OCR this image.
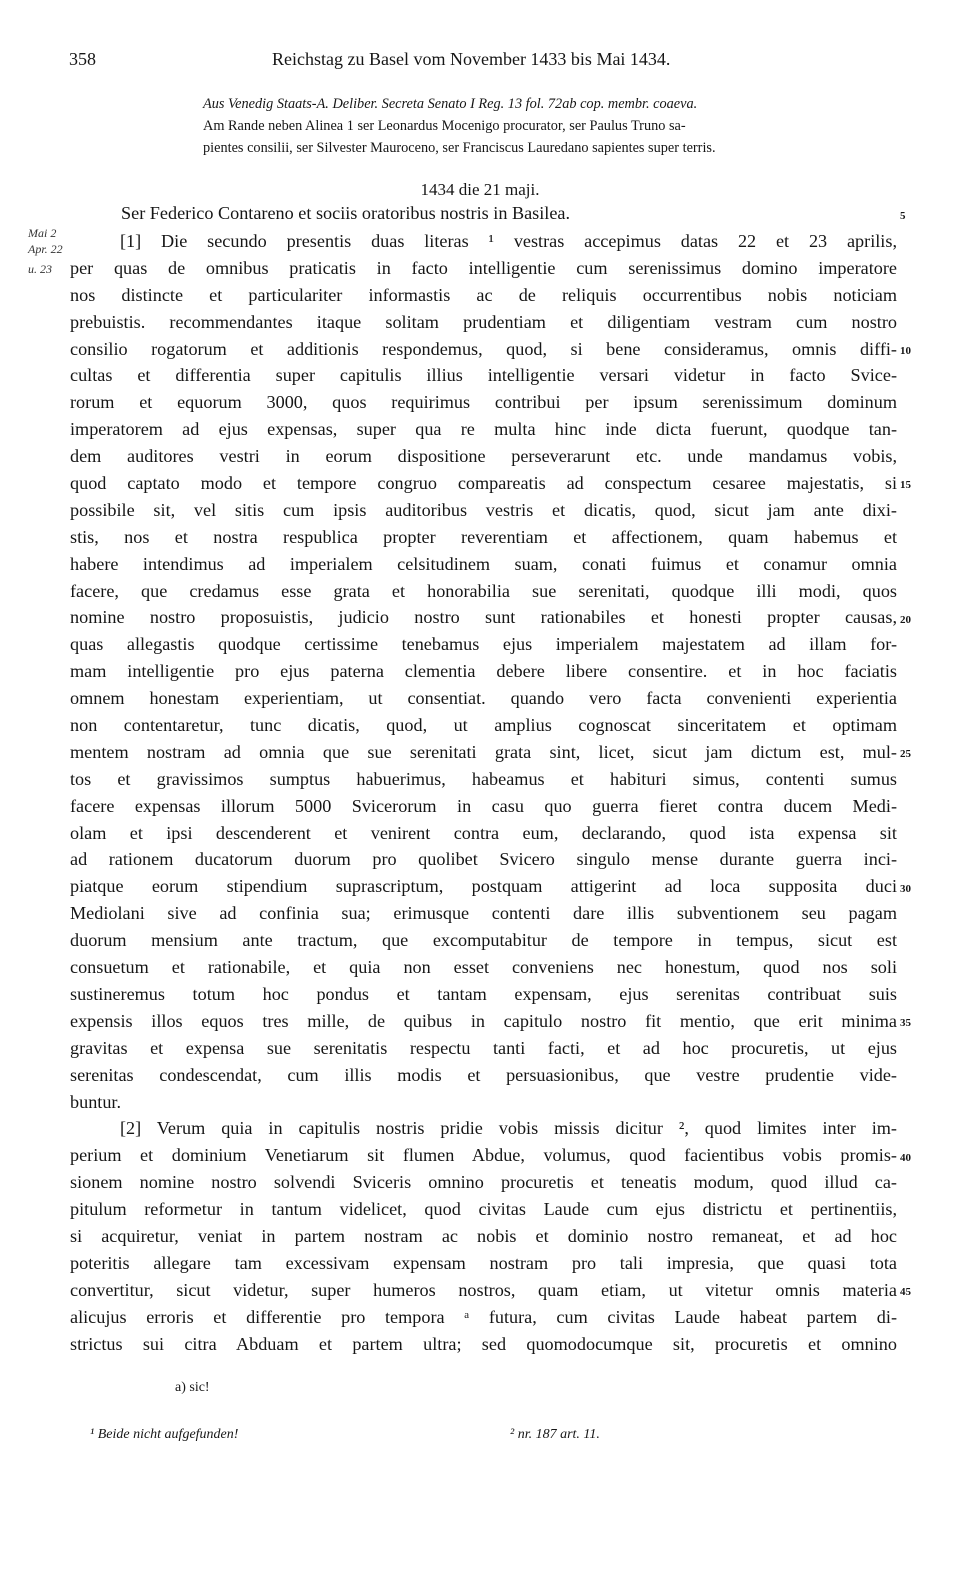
358	Reichstag zu Basel vom November 1433 bis Mai 1434.
Aus Venedig Staats-A. Deliber. Secreta Senato I Reg. 13 fol. 72ab cop. membr. coaeva.
Am Rande neben Alinea 1 ser Leonardus Mocenigo procurator, ser Paulus Truno sa-
pientes consilii, ser Silvester Mauroceno, ser Franciscus Lauredano sapientes super terris.
1434 die 21 maji.
Ser Federico Contareno et sociis oratoribus nostris in Basilea.
Mai 2
Apr. 22
u. 23
5
10
15
20
25
30
35
40
45
[1] Die secundo presentis duas literas ¹ vestras accepimus datas 22 et 23 aprilis,
per quas de omnibus praticatis in facto intelligentie cum serenissimus domino imperatore
nos distincte et particulariter informastis ac de reliquis occurrentibus nobis noticiam
prebuistis. recommendantes itaque solitam prudentiam et diligentiam vestram cum nostro
consilio rogatorum et additionis respondemus, quod, si bene consideramus, omnis diffi-
cultas et differentia super capitulis illius intelligentie versari videtur in facto Svice-
rorum et equorum 3000, quos requirimus contribui per ipsum serenissimum dominum
imperatorem ad ejus expensas, super qua re multa hinc inde dicta fuerunt, quodque tan-
dem auditores vestri in eorum dispositione perseverarunt etc. unde mandamus vobis,
quod captato modo et tempore congruo compareatis ad conspectum cesaree majestatis, si
possibile sit, vel sitis cum ipsis auditoribus vestris et dicatis, quod, sicut jam ante dixi-
stis, nos et nostra respublica propter reverentiam et affectionem, quam habemus et
habere intendimus ad imperialem celsitudinem suam, conati fuimus et conamur omnia
facere, que credamus esse grata et honorabilia sue serenitati, quodque illi modi, quos
nomine nostro proposuistis, judicio nostro sunt rationabiles et honesti propter causas,
quas allegastis quodque certissime tenebamus ejus imperialem majestatem ad illam for-
mam intelligentie pro ejus paterna clementia debere libere consentire. et in hoc faciatis
omnem honestam experientiam, ut consentiat. quando vero facta convenienti experientia
non contentaretur, tunc dicatis, quod, ut amplius cognoscat sinceritatem et optimam
mentem nostram ad omnia que sue serenitati grata sint, licet, sicut jam dictum est, mul-
tos et gravissimos sumptus habuerimus, habeamus et habituri simus, contenti sumus
facere expensas illorum 5000 Svicerorum in casu quo guerra fieret contra ducem Medi-
olam et ipsi descenderent et venirent contra eum, declarando, quod ista expensa sit
ad rationem ducatorum duorum pro quolibet Svicero singulo mense durante guerra inci-
piatque eorum stipendium suprascriptum, postquam attigerint ad loca supposita duci
Mediolani sive ad confinia sua; erimusque contenti dare illis subventionem seu pagam
duorum mensium ante tractum, que excomputabitur de tempore in tempus, sicut est
consuetum et rationabile, et quia non esset conveniens nec honestum, quod nos soli
sustineremus totum hoc pondus et tantam expensam, ejus serenitas contribuat suis
expensis illos equos tres mille, de quibus in capitulo nostro fit mentio, que erit minima
gravitas et expensa sue serenitatis respectu tanti facti, et ad hoc procuretis, ut ejus
serenitas condescendat, cum illis modis et persuasionibus, que vestre prudentie vide-
buntur.
[2] Verum quia in capitulis nostris pridie vobis missis dicitur ², quod limites inter im-
perium et dominium Venetiarum sit flumen Abdue, volumus, quod facientibus vobis promis-
sionem nomine nostro solvendi Sviceris omnino procuretis et teneatis modum, quod illud ca-
pitulum reformetur in tantum videlicet, quod civitas Laude cum ejus districtu et pertinentiis,
si acquiretur, veniat in partem nostram ac nobis et dominio nostro remaneat, et ad hoc
poteritis allegare tam excessivam expensam nostram pro tali impresia, que quasi tota
convertitur, sicut videtur, super humeros nostros, quam etiam, ut vitetur omnis materia
alicujus erroris et differentie pro tempora ᵃ futura, cum civitas Laude habeat partem di-
strictus sui citra Abduam et partem ultra; sed quomodocumque sit, procuretis et omnino
a) sic!
¹ Beide nicht aufgefunden!	² nr. 187 art. 11.
